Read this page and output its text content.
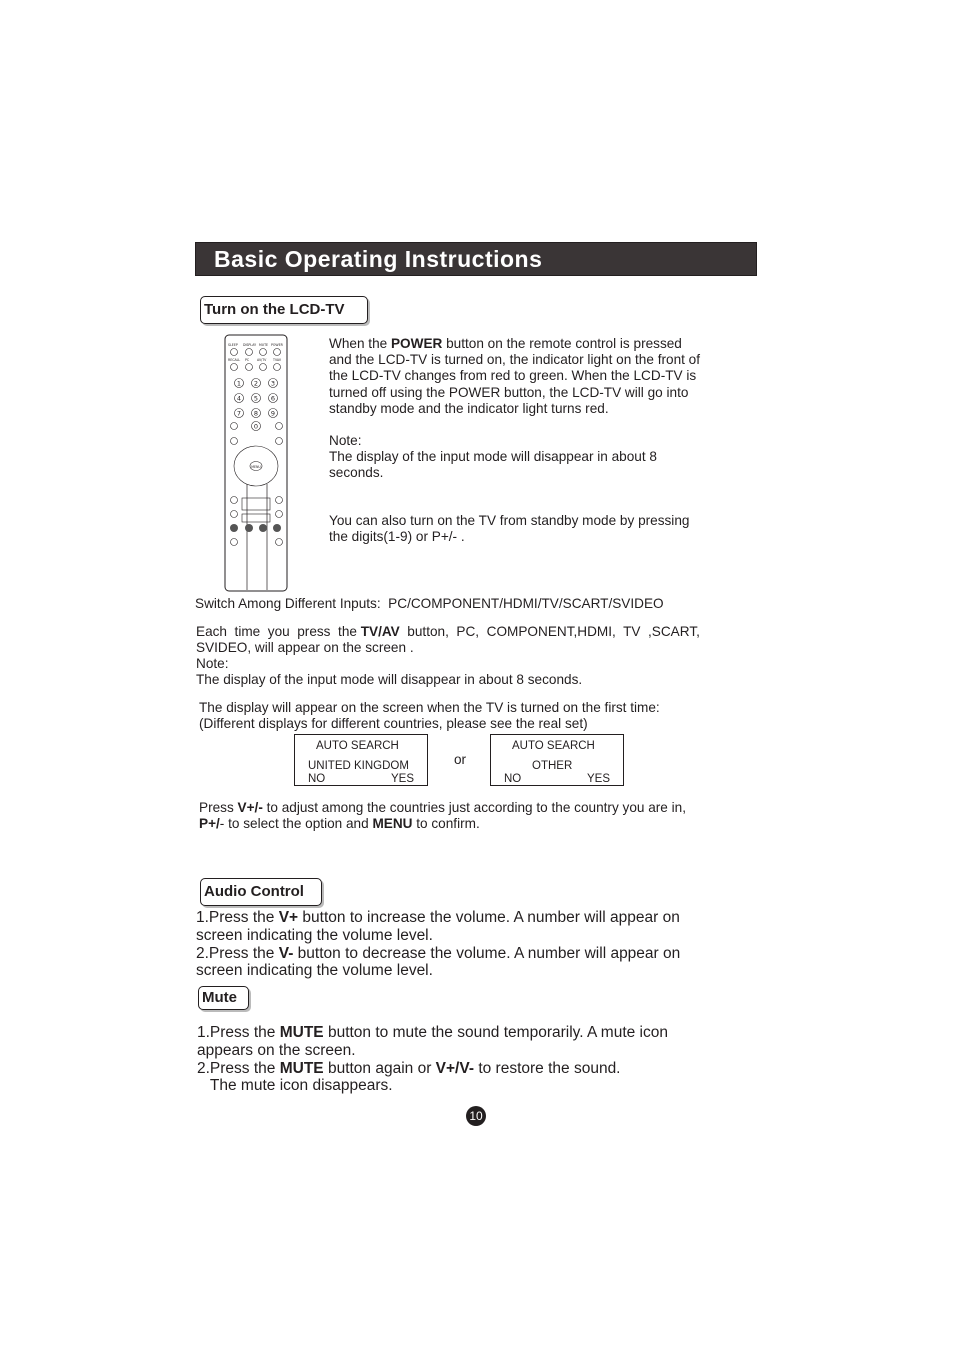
Basic Operating Instructions
Turn on the LCD-TV
SLEEP DISPLAY MUTE POWER
RECALL PC AV/TV	TVAV
1 2 3
4 5 6
7 8 9
0
MENU
When the POWER button on the remote control is pressed
and the LCD-TV is turned on, the indicator light on the front of
the LCD-TV changes from red to green. When the LCD-TV is
turned off using the POWER button, the LCD-TV will go into
standby mode and the indicator light turns red.
Note:
The display of the input mode will disappear in about 8
seconds.
You can also turn on the TV from standby mode by pressing
the digits(1-9) or P+/- .
Switch Among Different Inputs:  PC/COMPONENT/HDMI/TV/SCART/SVIDEO
Each  time  you  press  the TV/AV  button,  PC,  COMPONENT,HDMI,  TV  ,SCART,
SVIDEO, will appear on the screen .
Note:
The display of the input mode will disappear in about 8 seconds.
The display will appear on the screen when the TV is turned on the first time:
(Different displays for different countries, please see the real set)
AUTO SEARCH
UNITED KINGDOM
NO	YES
or
AUTO SEARCH
OTHER
NO	YES
Press V+/- to adjust among the countries just according to the country you are in,
P+/- to select the option and MENU to confirm.
Audio Control
1.Press the V+ button to increase the volume. A number will appear on
screen indicating the volume level.
2.Press the V- button to decrease the volume. A number will appear on
screen indicating the volume level.
Mute
1.Press the MUTE button to mute the sound temporarily. A mute icon
appears on the screen.
2.Press the MUTE button again or V+/V- to restore the sound.
The mute icon disappears.
10
